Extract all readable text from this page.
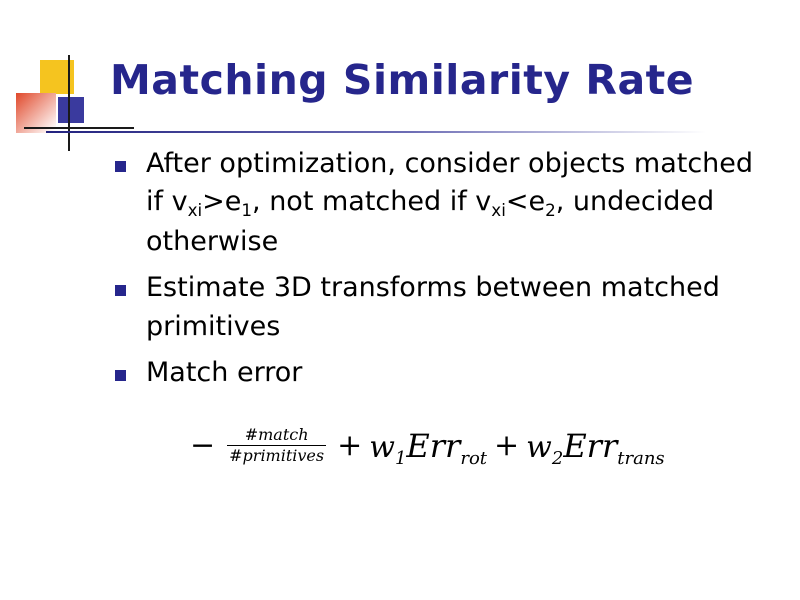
Matching Similarity Rate
After optimization, consider objects matched if $v_{xi}>e_1$, not matched if $v_{xi}<e_2$, undecided otherwise
Estimate 3D transforms between matched primitives
Match error
− $\frac{\text{\#match}}{\text{\#primitives}} + w$ 1 Err rot + w 2 Err trans
